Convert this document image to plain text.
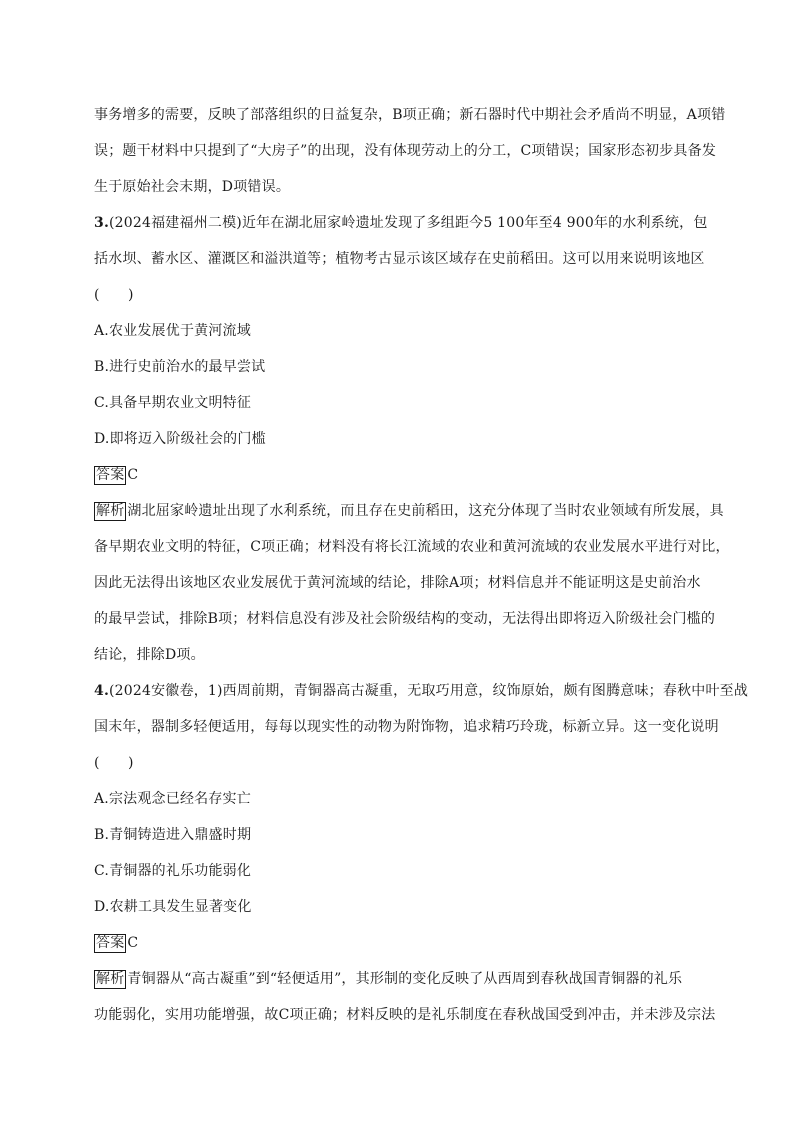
事务增多的需要，反映了部落组织的日益复杂，B项正确；新石器时代中期社会矛盾尚不明显，A项错
误；题干材料中只提到了“大房子”的出现，没有体现劳动上的分工，C项错误；国家形态初步具备发
生于原始社会末期，D项错误。
3.(2024福建福州二模)近年在湖北屈家岭遗址发现了多组距今5 100年至4 900年的水利系统，包
括水坝、蓄水区、灌溉区和溢洪道等；植物考古显示该区域存在史前稻田。这可以用来说明该地区
(　　)
A.农业发展优于黄河流域
B.进行史前治水的最早尝试
C.具备早期农业文明特征
D.即将迈入阶级社会的门槛
答案 C
解析 湖北屈家岭遗址出现了水利系统，而且存在史前稻田，这充分体现了当时农业领域有所发展，具
备早期农业文明的特征，C项正确；材料没有将长江流域的农业和黄河流域的农业发展水平进行对比，
因此无法得出该地区农业发展优于黄河流域的结论，排除A项；材料信息并不能证明这是史前治水
的最早尝试，排除B项；材料信息没有涉及社会阶级结构的变动，无法得出即将迈入阶级社会门槛的
结论，排除D项。
4.(2024安徽卷，1)西周前期，青铜器高古凝重，无取巧用意，纹饰原始，颇有图腾意味；春秋中叶至战
国末年，器制多轻便适用，每每以现实性的动物为附饰物，追求精巧玲珑，标新立异。这一变化说明
(　　)
A.宗法观念已经名存实亡
B.青铜铸造进入鼎盛时期
C.青铜器的礼乐功能弱化
D.农耕工具发生显著变化
答案 C
解析 青铜器从“高古凝重”到“轻便适用”，其形制的变化反映了从西周到春秋战国青铜器的礼乐
功能弱化，实用功能增强，故C项正确；材料反映的是礼乐制度在春秋战国受到冲击，并未涉及宗法
